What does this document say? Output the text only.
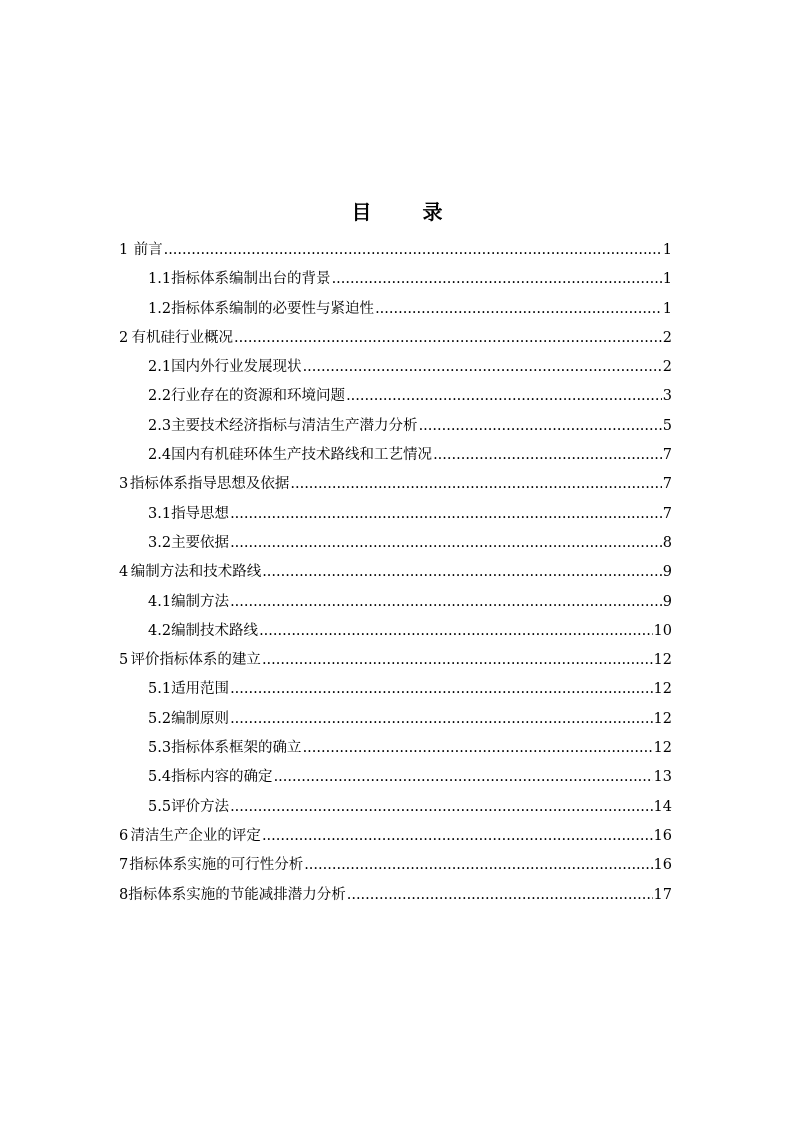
目 录
1 前言 .....	1
1.1 指标体系编制出台的背景 .....	1
1.2 指标体系编制的必要性与紧迫性 .....	1
2 有机硅行业概况 .....	2
2.1 国内外行业发展现状 .....	2
2.2 行业存在的资源和环境问题 .....	3
2.3 主要技术经济指标与清洁生产潜力分析 .....	5
2.4 国内有机硅环体生产技术路线和工艺情况 .....	7
3 指标体系指导思想及依据 .....	7
3.1 指导思想 .....	7
3.2 主要依据 .....	8
4 编制方法和技术路线 .....	9
4.1 编制方法 .....	9
4.2 编制技术路线 .....	10
5 评价指标体系的建立 .....	12
5.1 适用范围 .....	12
5.2 编制原则 .....	12
5.3 指标体系框架的确立 .....	12
5.4 指标内容的确定 .....	13
5.5 评价方法 .....	14
6 清洁生产企业的评定 .....	16
7 指标体系实施的可行性分析 .....	16
8 指标体系实施的节能减排潜力分析 .....	17
